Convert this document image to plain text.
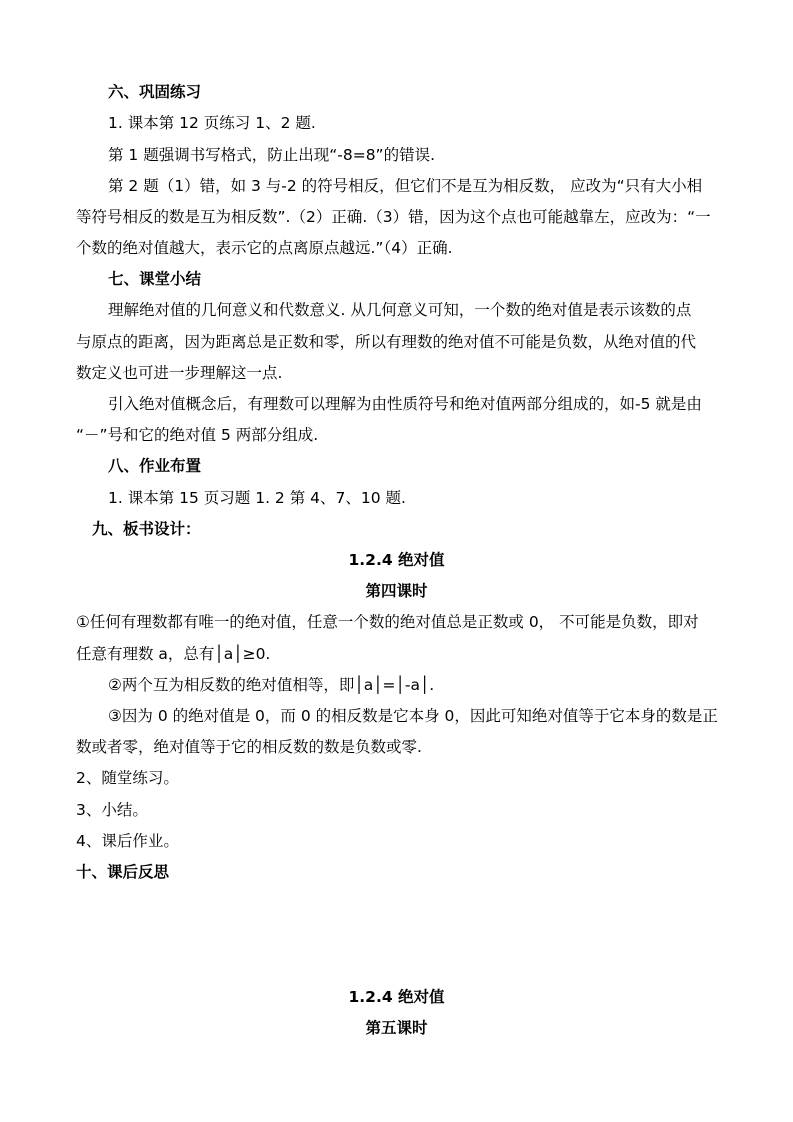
六、巩固练习
1. 课本第 12 页练习 1、2 题.
第 1 题强调书写格式，防止出现“-8=8”的错误.
第 2 题（1）错，如 3 与-2 的符号相反，但它们不是互为相反数， 应改为“只有大小相
等符号相反的数是互为相反数”.（2）正确.（3）错，因为这个点也可能越靠左，应改为：“一
个数的绝对值越大，表示它的点离原点越远.”（4）正确.
七、课堂小结
理解绝对值的几何意义和代数意义. 从几何意义可知，一个数的绝对值是表示该数的点
与原点的距离，因为距离总是正数和零，所以有理数的绝对值不可能是负数，从绝对值的代
数定义也可进一步理解这一点.
引入绝对值概念后，有理数可以理解为由性质符号和绝对值两部分组成的，如-5 就是由
“－”号和它的绝对值 5 两部分组成.
八、作业布置
1. 课本第 15 页习题 1. 2 第 4、7、10 题.
九、板书设计：
1.2.4 绝对值
第四课时
①任何有理数都有唯一的绝对值，任意一个数的绝对值总是正数或 0， 不可能是负数，即对
任意有理数 a，总有│a│≥0.
②两个互为相反数的绝对值相等，即│a│=│-a│.
③因为 0 的绝对值是 0，而 0 的相反数是它本身 0，因此可知绝对值等于它本身的数是正
数或者零，绝对值等于它的相反数的数是负数或零.
2、随堂练习。
3、小结。
4、课后作业。
十、课后反思
1.2.4 绝对值
第五课时
